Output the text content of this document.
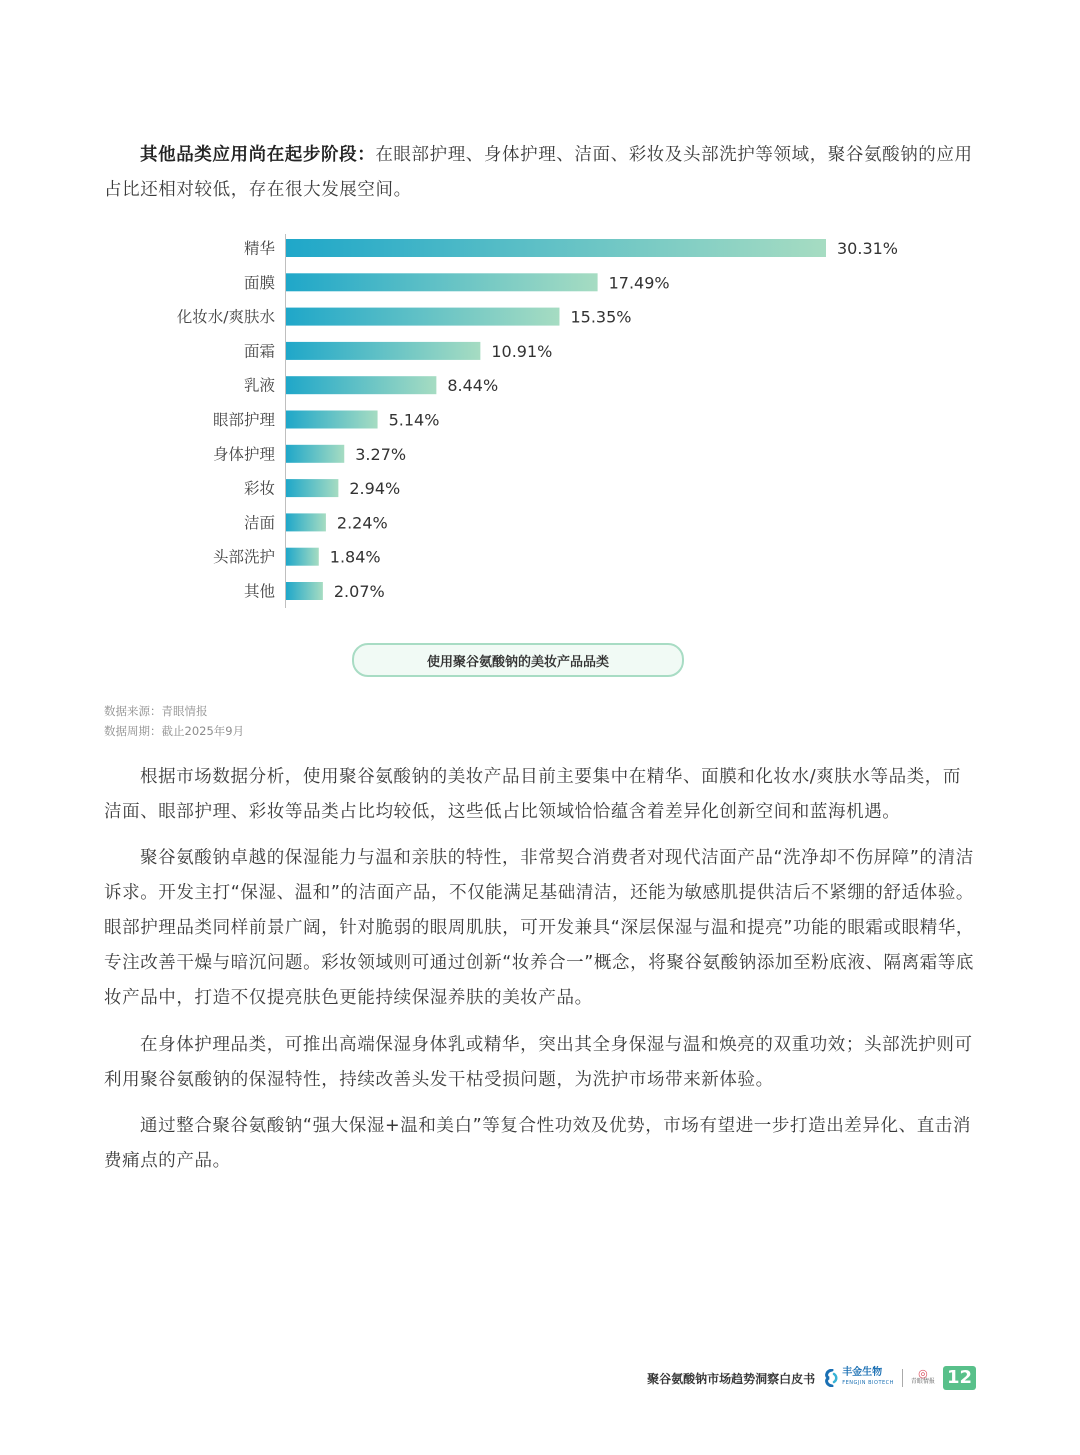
其他品类应用尚在起步阶段：在眼部护理、身体护理、洁面、彩妆及头部洗护等领域，聚谷氨酸钠的应用占比还相对较低，存在很大发展空间。

精华	30.31%
面膜	17.49%
化妆水/爽肤水	15.35%
面霜	10.91%
乳液	8.44%
眼部护理	5.14%
身体护理	3.27%
彩妆	2.94%
洁面	2.24%
头部洗护	1.84%
其他	2.07%
使用聚谷氨酸钠的美妆产品品类

数据来源：青眼情报

数据周期：截止2025年9月

根据市场数据分析，使用聚谷氨酸钠的美妆产品目前主要集中在精华、面膜和化妆水/爽肤水等品类，而洁面、眼部护理、彩妆等品类占比均较低，这些低占比领域恰恰蕴含着差异化创新空间和蓝海机遇。

聚谷氨酸钠卓越的保湿能力与温和亲肤的特性，非常契合消费者对现代洁面产品“洗净却不伤屏障”的清洁诉求。开发主打“保湿、温和”的洁面产品，不仅能满足基础清洁，还能为敏感肌提供洁后不紧绷的舒适体验。眼部护理品类同样前景广阔，针对脆弱的眼周肌肤，可开发兼具“深层保湿与温和提亮”功能的眼霜或眼精华，专注改善干燥与暗沉问题。彩妆领域则可通过创新“妆养合一”概念，将聚谷氨酸钠添加至粉底液、隔离霜等底妆产品中，打造不仅提亮肤色更能持续保湿养肤的美妆产品。

在身体护理品类，可推出高端保湿身体乳或精华，突出其全身保湿与温和焕亮的双重功效；头部洗护则可利用聚谷氨酸钠的保湿特性，持续改善头发干枯受损问题，为洗护市场带来新体验。

通过整合聚谷氨酸钠“强大保湿+温和美白”等复合性功效及优势，市场有望进一步打造出差异化、直击消费痛点的产品。

聚谷氨酸钠市场趋势洞察白皮书	丰金生物
FENGJIN BIOTECH
◎
青眼情报 12
